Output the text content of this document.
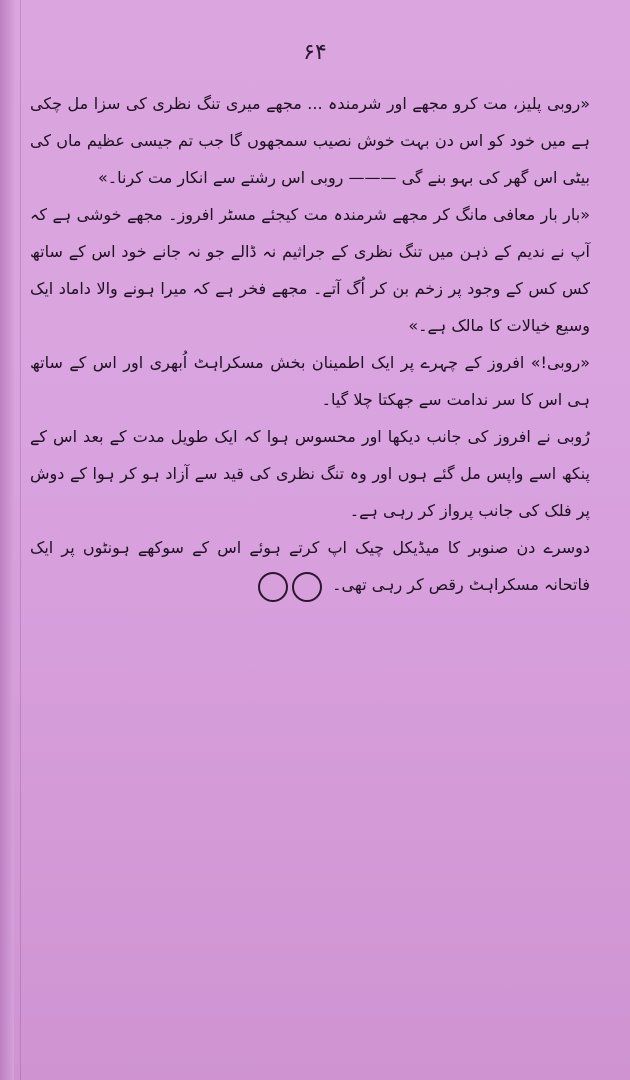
۶۴

«روبی پلیز، مت کرو مجھے اور شرمندہ ... مجھے میری تنگ نظری کی سزا مل چکی ہے میں خود کو اس دن بہت خوش نصیب سمجھوں گا جب تم جیسی عظیم ماں کی بیٹی اس گھر کی بہو بنے گی ——— روبی اس رشتے سے انکار مت کرنا۔»

«بار بار معافی مانگ کر مجھے شرمندہ مت کیجئے مسٹر افروز۔ مجھے خوشی ہے کہ آپ نے ندیم کے ذہن میں تنگ نظری کے جراثیم نہ ڈالے جو نہ جانے خود اس کے ساتھ کس کس کے وجود پر زخم بن کر اُگ آتے۔ مجھے فخر ہے کہ میرا ہونے والا داماد ایک وسیع خیالات کا مالک ہے۔»

«روبی!» افروز کے چہرے پر ایک اطمینان بخش مسکراہٹ اُبھری اور اس کے ساتھ ہی اس کا سر ندامت سے جھکتا چلا گیا۔

رُوبی نے افروز کی جانب دیکھا اور محسوس ہوا کہ ایک طویل مدت کے بعد اس کے پنکھ اسے واپس مل گئے ہوں اور وہ تنگ نظری کی قید سے آزاد ہو کر ہوا کے دوش پر فلک کی جانب پرواز کر رہی ہے۔

دوسرے دن صنوبر کا میڈیکل چیک اپ کرتے ہوئے اس کے سوکھے ہونٹوں پر ایک فاتحانہ مسکراہٹ رقص کر رہی تھی۔
